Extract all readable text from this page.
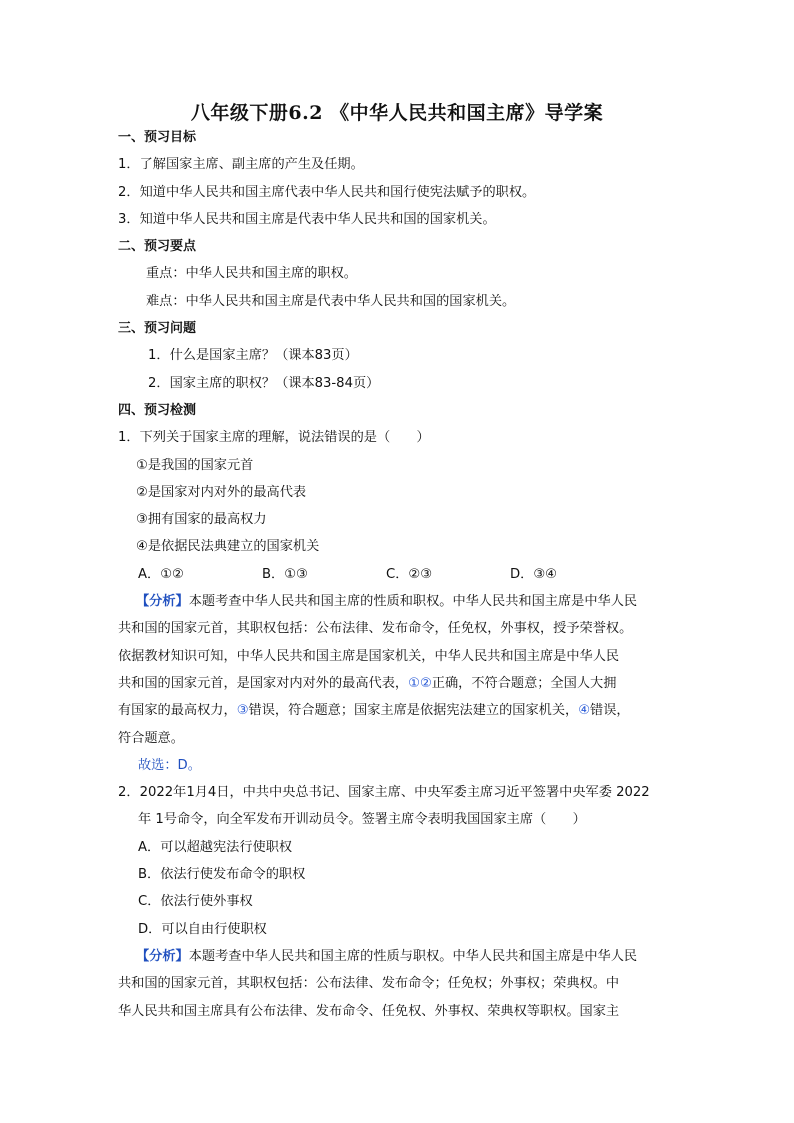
八年级下册6.2 《中华人民共和国主席》导学案
一、预习目标
1．了解国家主席、副主席的产生及任期。
2．知道中华人民共和国主席代表中华人民共和国行使宪法赋予的职权。
3．知道中华人民共和国主席是代表中华人民共和国的国家机关。
二、预习要点
重点：中华人民共和国主席的职权。
难点：中华人民共和国主席是代表中华人民共和国的国家机关。
三、预习问题
1．什么是国家主席？（课本83页）
2．国家主席的职权？（课本83-84页）
四、预习检测
1．下列关于国家主席的理解，说法错误的是（　　）
①是我国的国家元首
②是国家对内对外的最高代表
③拥有国家的最高权力
④是依据民法典建立的国家机关
A．①②	B．①③	C．②③	D．③④
【分析】本题考查中华人民共和国主席的性质和职权。中华人民共和国主席是中华人民
共和国的国家元首，其职权包括：公布法律、发布命令，任免权，外事权，授予荣誉权。
依据教材知识可知，中华人民共和国主席是国家机关，中华人民共和国主席是中华人民
共和国的国家元首，是国家对内对外的最高代表，①②正确，不符合题意；全国人大拥
有国家的最高权力，③错误，符合题意；国家主席是依据宪法建立的国家机关，④错误，
符合题意。
故选：D。
2．2022年1月4日，中共中央总书记、国家主席、中央军委主席习近平签署中央军委 2022
年 1号命令，向全军发布开训动员令。签署主席令表明我国国家主席（　　）
A．可以超越宪法行使职权
B．依法行使发布命令的职权
C．依法行使外事权
D．可以自由行使职权
【分析】本题考查中华人民共和国主席的性质与职权。中华人民共和国主席是中华人民
共和国的国家元首，其职权包括：公布法律、发布命令；任免权；外事权；荣典权。中
华人民共和国主席具有公布法律、发布命令、任免权、外事权、荣典权等职权。国家主
